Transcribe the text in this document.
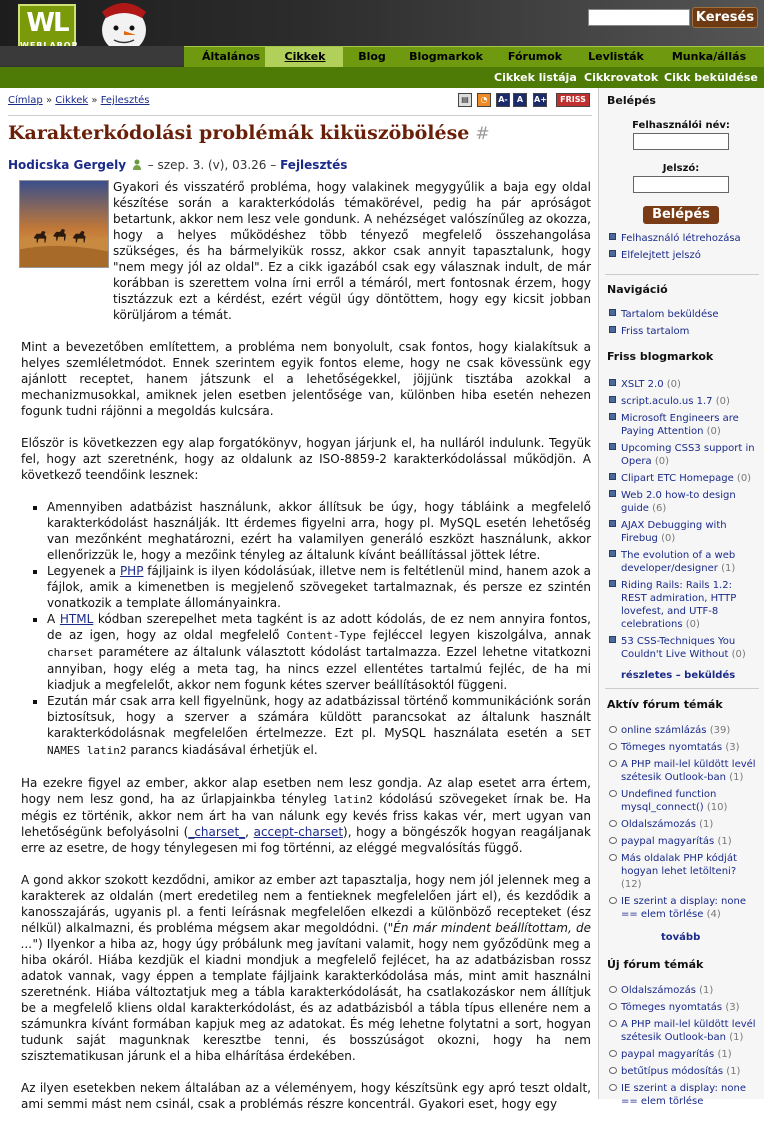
WL	Keresés
Általános	Cikkek	Blog	Blogmarkok	Fórumok	Levlisták	Munka/állás
Cikkek listája Cikkrovatok Cikk beküldése
Címlap » Cikkek » Fejlesztés	▤	◔	A-	A	A+	FRISS
Karakterkódolási problémák kiküszöbölése #
Hodicska Gergely – szep. 3. (v), 03.26 – Fejlesztés

Gyakori és visszatérő probléma, hogy valakinek megygyűlik a baja egy oldal készítése során a karakterkódolás témakörével, pedig ha pár apróságot betartunk, akkor nem lesz vele gondunk. A nehézséget valószínűleg az okozza, hogy a helyes működéshez több tényező megfelelő összehangolása szükséges, és ha bármelyikük rossz, akkor csak annyit tapasztalunk, hogy "nem megy jól az oldal". Ez a cikk igazából csak egy válasznak indult, de már korábban is szerettem volna írni erről a témáról, mert fontosnak érzem, hogy tisztázzuk ezt a kérdést, ezért végül úgy döntöttem, hogy egy kicsit jobban körüljárom a témát.

Mint a bevezetőben említettem, a probléma nem bonyolult, csak fontos, hogy kialakítsuk a helyes szemléletmódot. Ennek szerintem egyik fontos eleme, hogy ne csak kövessünk egy ajánlott receptet, hanem játszunk el a lehetőségekkel, jöjjünk tisztába azokkal a mechanizmusokkal, amiknek jelen esetben jelentősége van, különben hiba esetén nehezen fogunk tudni rájönni a megoldás kulcsára.

Először is következzen egy alap forgatókönyv, hogyan járjunk el, ha nulláról indulunk. Tegyük fel, hogy azt szeretnénk, hogy az oldalunk az ISO-8859-2 karakterkódolással működjön. A következő teendőink lesznek:

▪ Amennyiben adatbázist használunk, akkor állítsuk be úgy, hogy tábláink a megfelelő karakterkódolást használják. Itt érdemes figyelni arra, hogy pl. MySQL esetén lehetőség van mezőnként meghatározni, ezért ha valamilyen generáló eszközt használunk, akkor ellenőrizzük le, hogy a mezőink tényleg az általunk kívánt beállítással jöttek létre.
▪ Legyenek a PHP fájljaink is ilyen kódolásúak, illetve nem is feltétlenül mind, hanem azok a fájlok, amik a kimenetben is megjelenő szövegeket tartalmaznak, és persze ez szintén vonatkozik a template állományainkra.
▪ A HTML kódban szerepelhet meta tagként is az adott kódolás, de ez nem annyira fontos, de az igen, hogy az oldal megfelelő Content-Type fejléccel legyen kiszolgálva, annak charset paramétere az általunk választott kódolást tartalmazza. Ezzel lehetne vitatkozni annyiban, hogy elég a meta tag, ha nincs ezzel ellentétes tartalmú fejléc, de ha mi kiadjuk a megfelelőt, akkor nem fogunk kétes szerver beállításoktól függeni.
▪ Ezután már csak arra kell figyelnünk, hogy az adatbázissal történő kommunikációnk során biztosítsuk, hogy a szerver a számára küldött parancsokat az általunk használt karakterkódolásnak megfelelően értelmezze. Ezt pl. MySQL használata esetén a SET NAMES latin2 parancs kiadásával érhetjük el.

Ha ezekre figyel az ember, akkor alap esetben nem lesz gondja. Az alap esetet arra értem, hogy nem lesz gond, ha az űrlapjainkba tényleg latin2 kódolású szövegeket írnak be. Ha mégis ez történik, akkor nem árt ha van nálunk egy kevés friss kakas vér, mert ugyan van lehetőségünk befolyásolni (_charset_, accept-charset), hogy a böngészők hogyan reagáljanak erre az esetre, de hogy ténylegesen mi fog történni, az eléggé megvalósítás függő.

A gond akkor szokott kezdődni, amikor az ember azt tapasztalja, hogy nem jól jelennek meg a karakterek az oldalán (mert eredetileg nem a fentieknek megfelelően járt el), és kezdődik a kanosszajárás, ugyanis pl. a fenti leírásnak megfelelően elkezdi a különböző recepteket (ész nélkül) alkalmazni, és probléma mégsem akar megoldódni. ("Én már mindent beállítottam, de ...") Ilyenkor a hiba az, hogy úgy próbálunk meg javítani valamit, hogy nem győződünk meg a hiba okáról. Hiába kezdjük el kiadni mondjuk a megfelelő fejlécet, ha az adatbázisban rossz adatok vannak, vagy éppen a template fájljaink karakterkódolása más, mint amit használni szeretnénk. Hiába változtatjuk meg a tábla karakterkódolását, ha csatlakozáskor nem állítjuk be a megfelelő kliens oldal karakterkódolást, és az adatbázisból a tábla típus ellenére nem a számunkra kívánt formában kapjuk meg az adatokat. És még lehetne folytatni a sort, hogyan tudunk saját magunknak keresztbe tenni, és bosszúságot okozni, hogy ha nem szisztematikusan járunk el a hiba elhárítása érdekében.

Az ilyen esetekben nekem általában az a véleményem, hogy készítsünk egy apró teszt oldalt, ami semmi mást nem csinál, csak a problémás részre koncentrál. Gyakori eset, hogy egy

Belépés
Felhasználói név:
Jelszó:
Belépés
Felhasználó létrehozása
Elfelejtett jelszó
Navigáció
Tartalom beküldése
Friss tartalom
Friss blogmarkok
XSLT 2.0 (0)
script.aculo.us 1.7 (0)
Microsoft Engineers are Paying Attention (0)
Upcoming CSS3 support in Opera (0)
Clipart ETC Homepage (0)
Web 2.0 how-to design guide (6)
AJAX Debugging with Firebug (0)
The evolution of a web developer/designer (1)
Riding Rails: Rails 1.2: REST admiration, HTTP lovefest, and UTF-8 celebrations (0)
53 CSS-Techniques You Couldn't Live Without (0)
részletes – beküldés
Aktív fórum témák
online számlázás (39)
Tömeges nyomtatás (3)
A PHP mail-lel küldött levél szétesik Outlook-ban (1)
Undefined function mysql_connect() (10)
Oldalszámozás (1)
paypal magyarítás (1)
Más oldalak PHP kódját hogyan lehet letölteni? (12)
IE szerint a display: none == elem törlése (4)
tovább
Új fórum témák
Oldalszámozás (1)
Tömeges nyomtatás (3)
A PHP mail-lel küldött levél szétesik Outlook-ban (1)
paypal magyarítás (1)
betűtípus módosítás (1)
IE szerint a display: none == elem törlése
